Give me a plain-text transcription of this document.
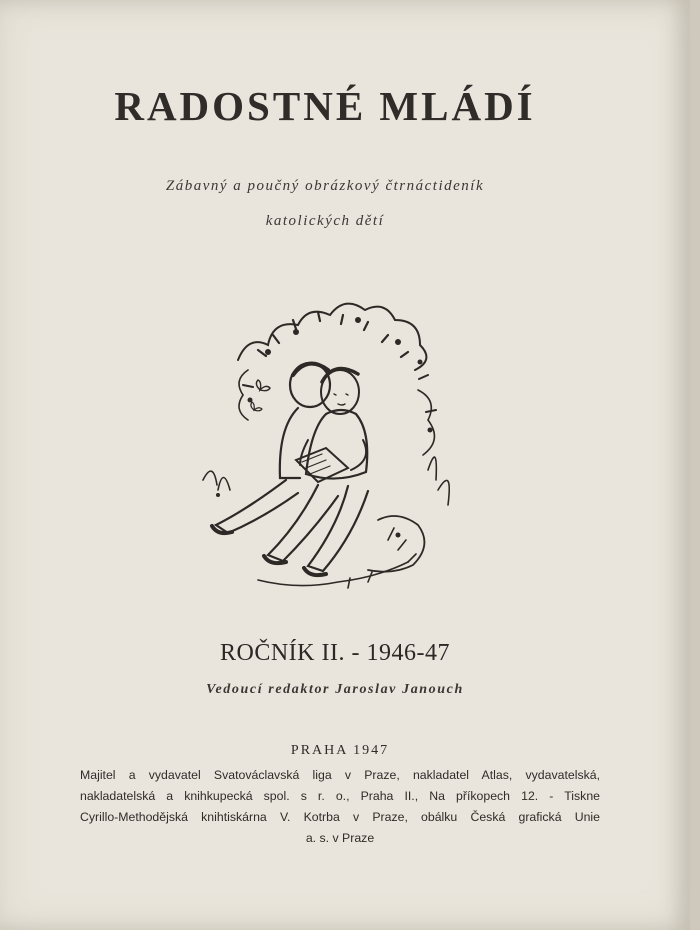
RADOSTNÉ MLÁDÍ
Zábavný a poučný obrázkový čtrnáctideník
katolických dětí
ROČNÍK II. - 1946-47
Vedoucí redaktor Jaroslav Janouch
PRAHA 1947
Majitel a vydavatel Svatováclavská liga v Praze, nakladatel Atlas, vydavatelská,
nakladatelská a knihkupecká spol. s r. o., Praha II., Na příkopech 12. - Tiskne
Cyrillo-Methodějská knihtiskárna V. Kotrba v Praze, obálku Česká grafická Unie
a. s. v Praze
